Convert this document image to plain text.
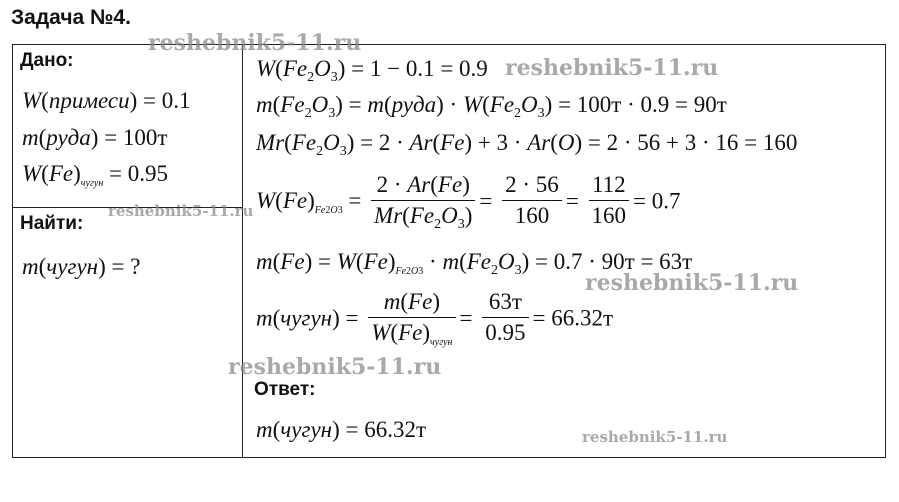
Задача №4.
Дано:
W(примеси) = 0.1
m(руда) = 100т
$W(Fe)_{чугун} = 0.95$
Найти:
m(чугун) = ?
$W(Fe_2O_3) = 1 - 0.1 = 0.9$
$m(Fe_2O_3)$ = m(руда) · $W(Fe_2O_3) = 100т \cdot 0.9 = 90т$
$Mr(Fe_2O_3) = 2 \cdot Ar(Fe) + 3 \cdot Ar(O) = 2 \cdot 56 + 3 \cdot 16 = 160$
$W(Fe)_{Fe2O3} = \frac{2 \cdot Ar(Fe)}{Mr(Fe_2O_3)} = \frac{2 \cdot 56}{160} = \frac{112}{160} = 0.7$
$m(Fe) = W(Fe)_{Fe2O3} \cdot m(Fe_2O_3) = 0.7 \cdot 90т = 63т$
m(чугун) = $\frac{m(Fe)}{W(Fe)_{чугун}} = \frac{63т}{0.95} = 66.32т$
Ответ:
m(чугун) = 66.32т
reshebnik5-11.ru
reshebnik5-11.ru
reshebnik5-11.ru
reshebnik5-11.ru
reshebnik5-11.ru
reshebnik5-11.ru
